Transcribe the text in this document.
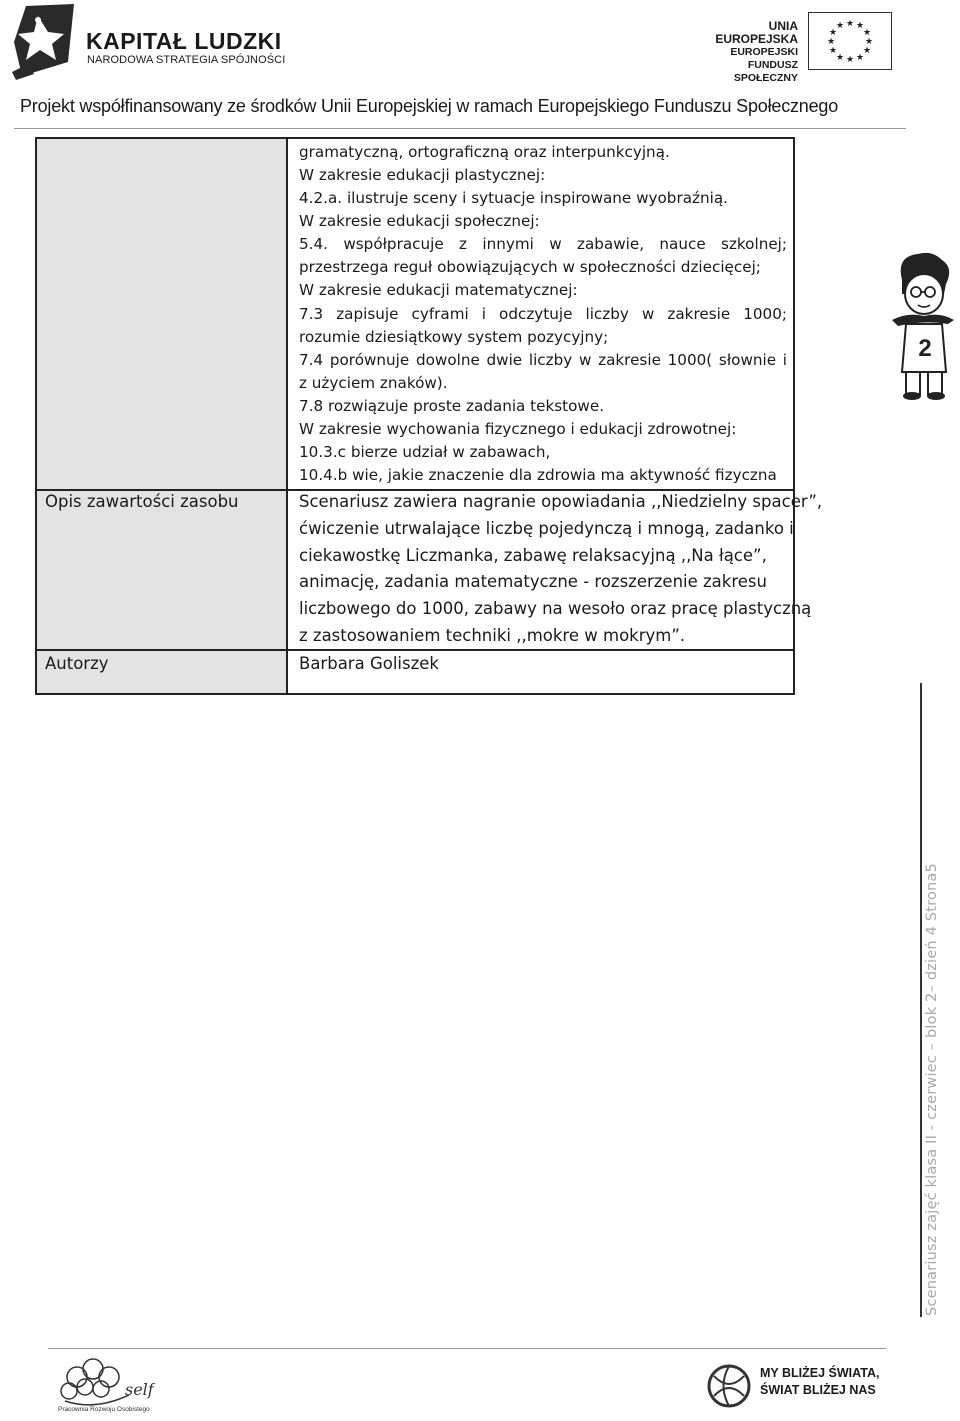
KAPITAŁ LUDZKI
NARODOWA STRATEGIA SPÓJNOŚCI
UNIA EUROPEJSKA
EUROPEJSKI
FUNDUSZ SPOŁECZNY
★ ★
★
★
★
★
★
★
★
★
★
★
Projekt współfinansowany ze środków Unii Europejskiej w ramach Europejskiego Funduszu Społecznego
gramatyczną, ortograficzną oraz interpunkcyjną.
W zakresie edukacji plastycznej:
4.2.a. ilustruje sceny i sytuacje inspirowane wyobraźnią.
W zakresie edukacji społecznej:
5.4. współpracuje z innymi w zabawie, nauce szkolnej;
przestrzega reguł obowiązujących w społeczności dziecięcej;
W zakresie edukacji matematycznej:
7.3 zapisuje cyframi i odczytuje liczby w zakresie 1000;
rozumie dziesiątkowy system pozycyjny;
7.4 porównuje dowolne dwie liczby w zakresie 1000( słownie i
z użyciem znaków).
7.8 rozwiązuje proste zadania tekstowe.
W zakresie wychowania fizycznego i edukacji zdrowotnej:
10.3.c bierze udział w zabawach,
10.4.b wie, jakie znaczenie dla zdrowia ma aktywność fizyczna
Opis zawartości zasobu	Scenariusz zawiera nagranie opowiadania ,,Niedzielny spacer”,
ćwiczenie utrwalające liczbę pojedynczą i mnogą, zadanko i
ciekawostkę Liczmanka, zabawę relaksacyjną ,,Na łące”,
animację, zadania matematyczne - rozszerzenie zakresu
liczbowego do 1000, zabawy na wesoło oraz pracę plastyczną
z zastosowaniem techniki ,,mokre w mokrym”.
Autorzy	Barbara Goliszek
2
Scenariusz zajęć klasa II - czerwiec – blok 2– dzień 4 Strona5
self
Pracownia Rozwoju Osobistego
MY BLIŻEJ ŚWIATA,
ŚWIAT BLIŻEJ NAS
